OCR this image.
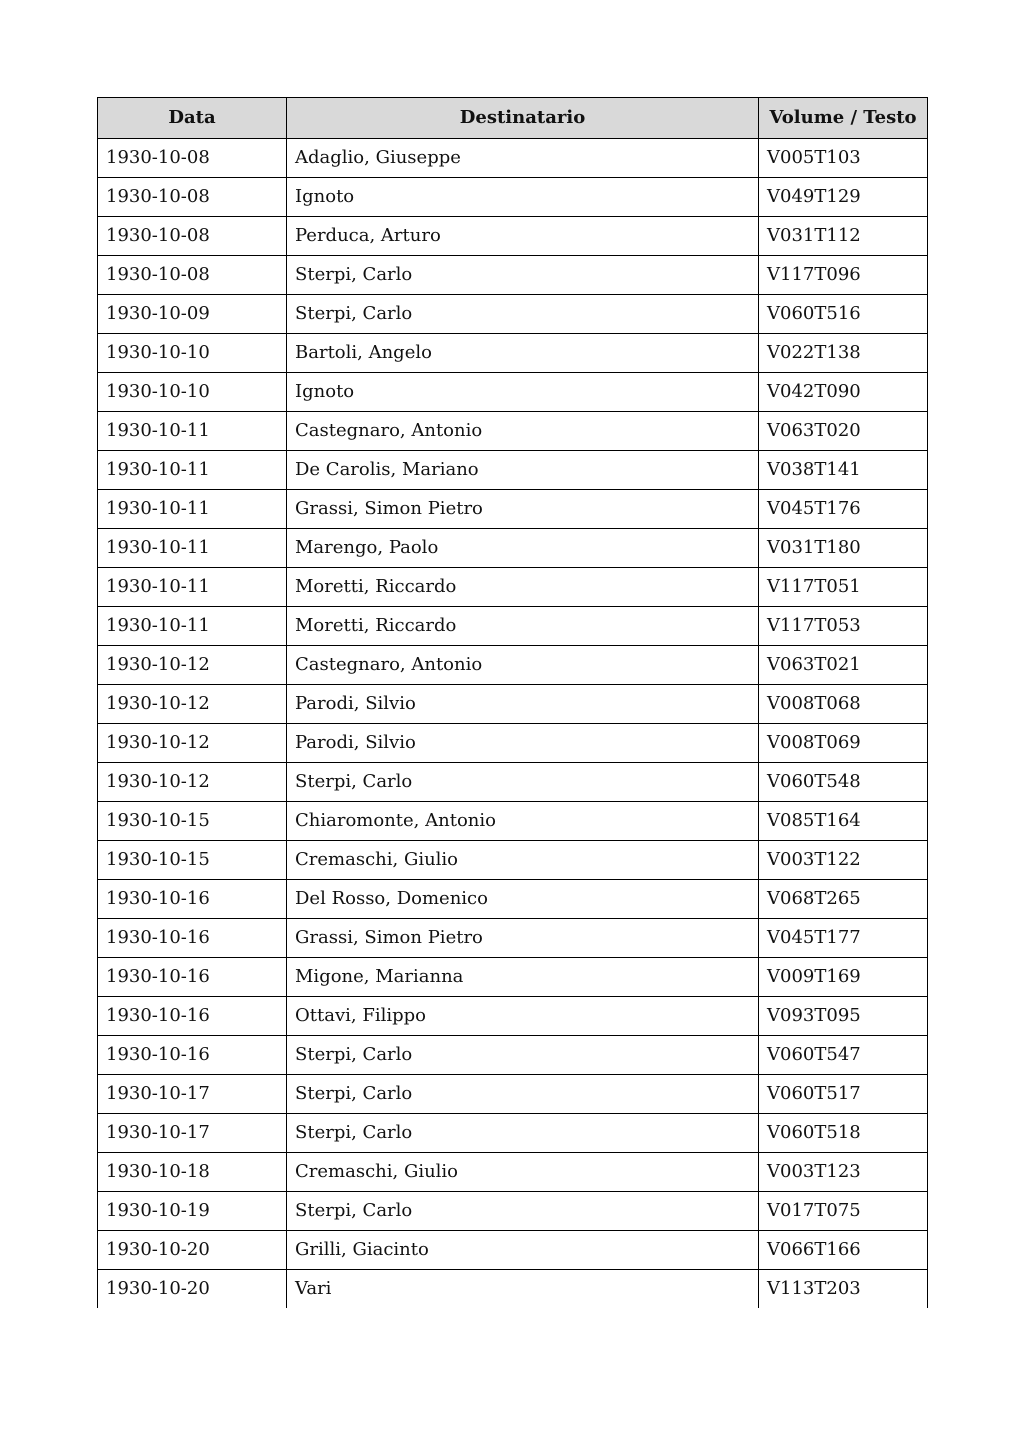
Data	Destinatario	Volume / Testo
1930-10-08	Adaglio, Giuseppe	V005T103
1930-10-08	Ignoto	V049T129
1930-10-08	Perduca, Arturo	V031T112
1930-10-08	Sterpi, Carlo	V117T096
1930-10-09	Sterpi, Carlo	V060T516
1930-10-10	Bartoli, Angelo	V022T138
1930-10-10	Ignoto	V042T090
1930-10-11	Castegnaro, Antonio	V063T020
1930-10-11	De Carolis, Mariano	V038T141
1930-10-11	Grassi, Simon Pietro	V045T176
1930-10-11	Marengo, Paolo	V031T180
1930-10-11	Moretti, Riccardo	V117T051
1930-10-11	Moretti, Riccardo	V117T053
1930-10-12	Castegnaro, Antonio	V063T021
1930-10-12	Parodi, Silvio	V008T068
1930-10-12	Parodi, Silvio	V008T069
1930-10-12	Sterpi, Carlo	V060T548
1930-10-15	Chiaromonte, Antonio	V085T164
1930-10-15	Cremaschi, Giulio	V003T122
1930-10-16	Del Rosso, Domenico	V068T265
1930-10-16	Grassi, Simon Pietro	V045T177
1930-10-16	Migone, Marianna	V009T169
1930-10-16	Ottavi, Filippo	V093T095
1930-10-16	Sterpi, Carlo	V060T547
1930-10-17	Sterpi, Carlo	V060T517
1930-10-17	Sterpi, Carlo	V060T518
1930-10-18	Cremaschi, Giulio	V003T123
1930-10-19	Sterpi, Carlo	V017T075
1930-10-20	Grilli, Giacinto	V066T166
1930-10-20	Vari	V113T203
